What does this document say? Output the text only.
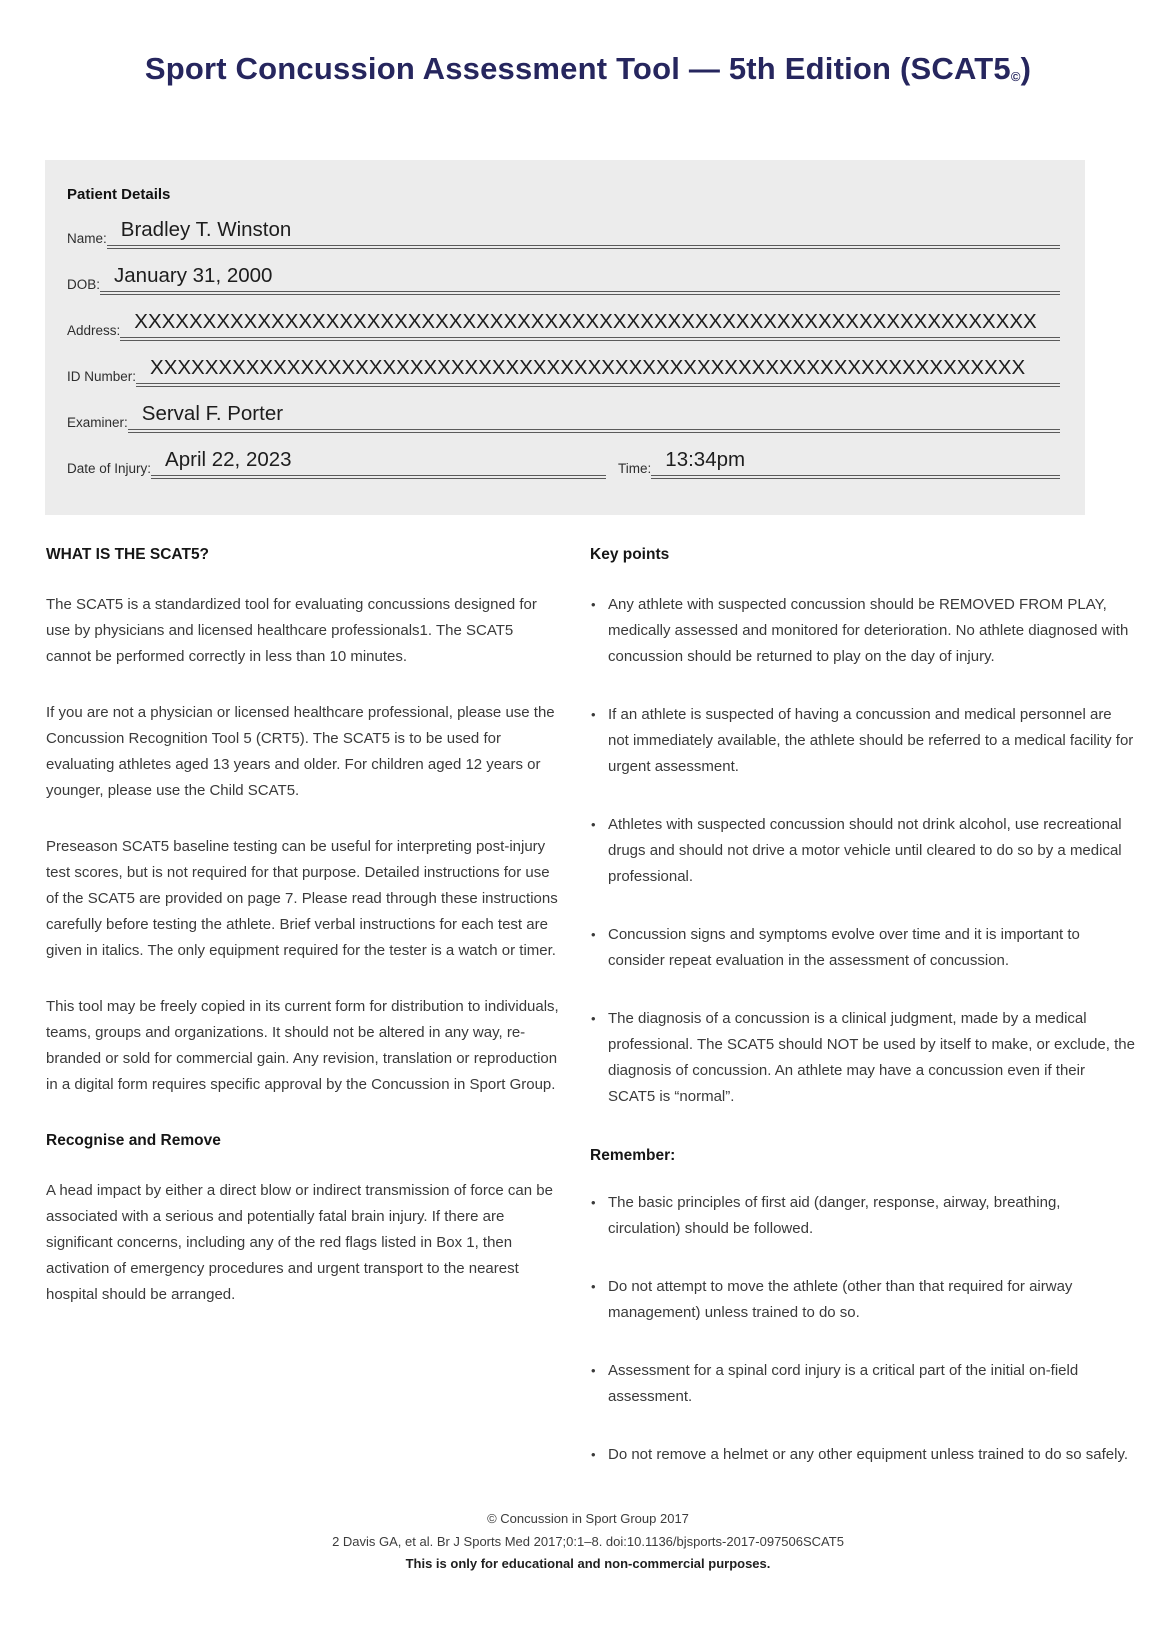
Sport Concussion Assessment Tool — 5th Edition (SCAT5©)
Patient Details
Name: Bradley T. Winston
DOB: January 31, 2000
Address: XXXXXXXXXXXXXXXXXXXXXXXXXXXXXXXXXXXXXXXXXXXXXXXXXXXXXXXXXXXXXXXXXX
ID Number: XXXXXXXXXXXXXXXXXXXXXXXXXXXXXXXXXXXXXXXXXXXXXXXXXXXXXXXXXXXXXXXX
Examiner: Serval F. Porter
Date of Injury: April 22, 2023	Time: 13:34pm
WHAT IS THE SCAT5?

The SCAT5 is a standardized tool for evaluating concussions designed for use by physicians and licensed healthcare professionals1. The SCAT5 cannot be performed correctly in less than 10 minutes.

If you are not a physician or licensed healthcare professional, please use the Concussion Recognition Tool 5 (CRT5). The SCAT5 is to be used for evaluating athletes aged 13 years and older. For children aged 12 years or younger, please use the Child SCAT5.

Preseason SCAT5 baseline testing can be useful for interpreting post-injury test scores, but is not required for that purpose. Detailed instructions for use of the SCAT5 are provided on page 7. Please read through these instructions carefully before testing the athlete. Brief verbal instructions for each test are given in italics. The only equipment required for the tester is a watch or timer.

This tool may be freely copied in its current form for distribution to individuals, teams, groups and organizations. It should not be altered in any way, re-branded or sold for commercial gain. Any revision, translation or reproduction in a digital form requires specific approval by the Concussion in Sport Group.

Recognise and Remove

A head impact by either a direct blow or indirect transmission of force can be associated with a serious and potentially fatal brain injury. If there are significant concerns, including any of the red flags listed in Box 1, then activation of emergency procedures and urgent transport to the nearest hospital should be arranged.

Key points
• Any athlete with suspected concussion should be REMOVED FROM PLAY, medically assessed and monitored for deterioration. No athlete diagnosed with concussion should be returned to play on the day of injury.
• If an athlete is suspected of having a concussion and medical personnel are not immediately available, the athlete should be referred to a medical facility for urgent assessment.
• Athletes with suspected concussion should not drink alcohol, use recreational drugs and should not drive a motor vehicle until cleared to do so by a medical professional.
• Concussion signs and symptoms evolve over time and it is important to consider repeat evaluation in the assessment of concussion.
• The diagnosis of a concussion is a clinical judgment, made by a medical professional. The SCAT5 should NOT be used by itself to make, or exclude, the diagnosis of concussion. An athlete may have a concussion even if their SCAT5 is “normal”.
Remember:
• The basic principles of first aid (danger, response, airway, breathing, circulation) should be followed.
• Do not attempt to move the athlete (other than that required for airway management) unless trained to do so.
• Assessment for a spinal cord injury is a critical part of the initial on-field assessment.
• Do not remove a helmet or any other equipment unless trained to do so safely.
© Concussion in Sport Group 2017
2 Davis GA, et al. Br J Sports Med 2017;0:1–8. doi:10.1136/bjsports-2017-097506SCAT5
This is only for educational and non-commercial purposes.
